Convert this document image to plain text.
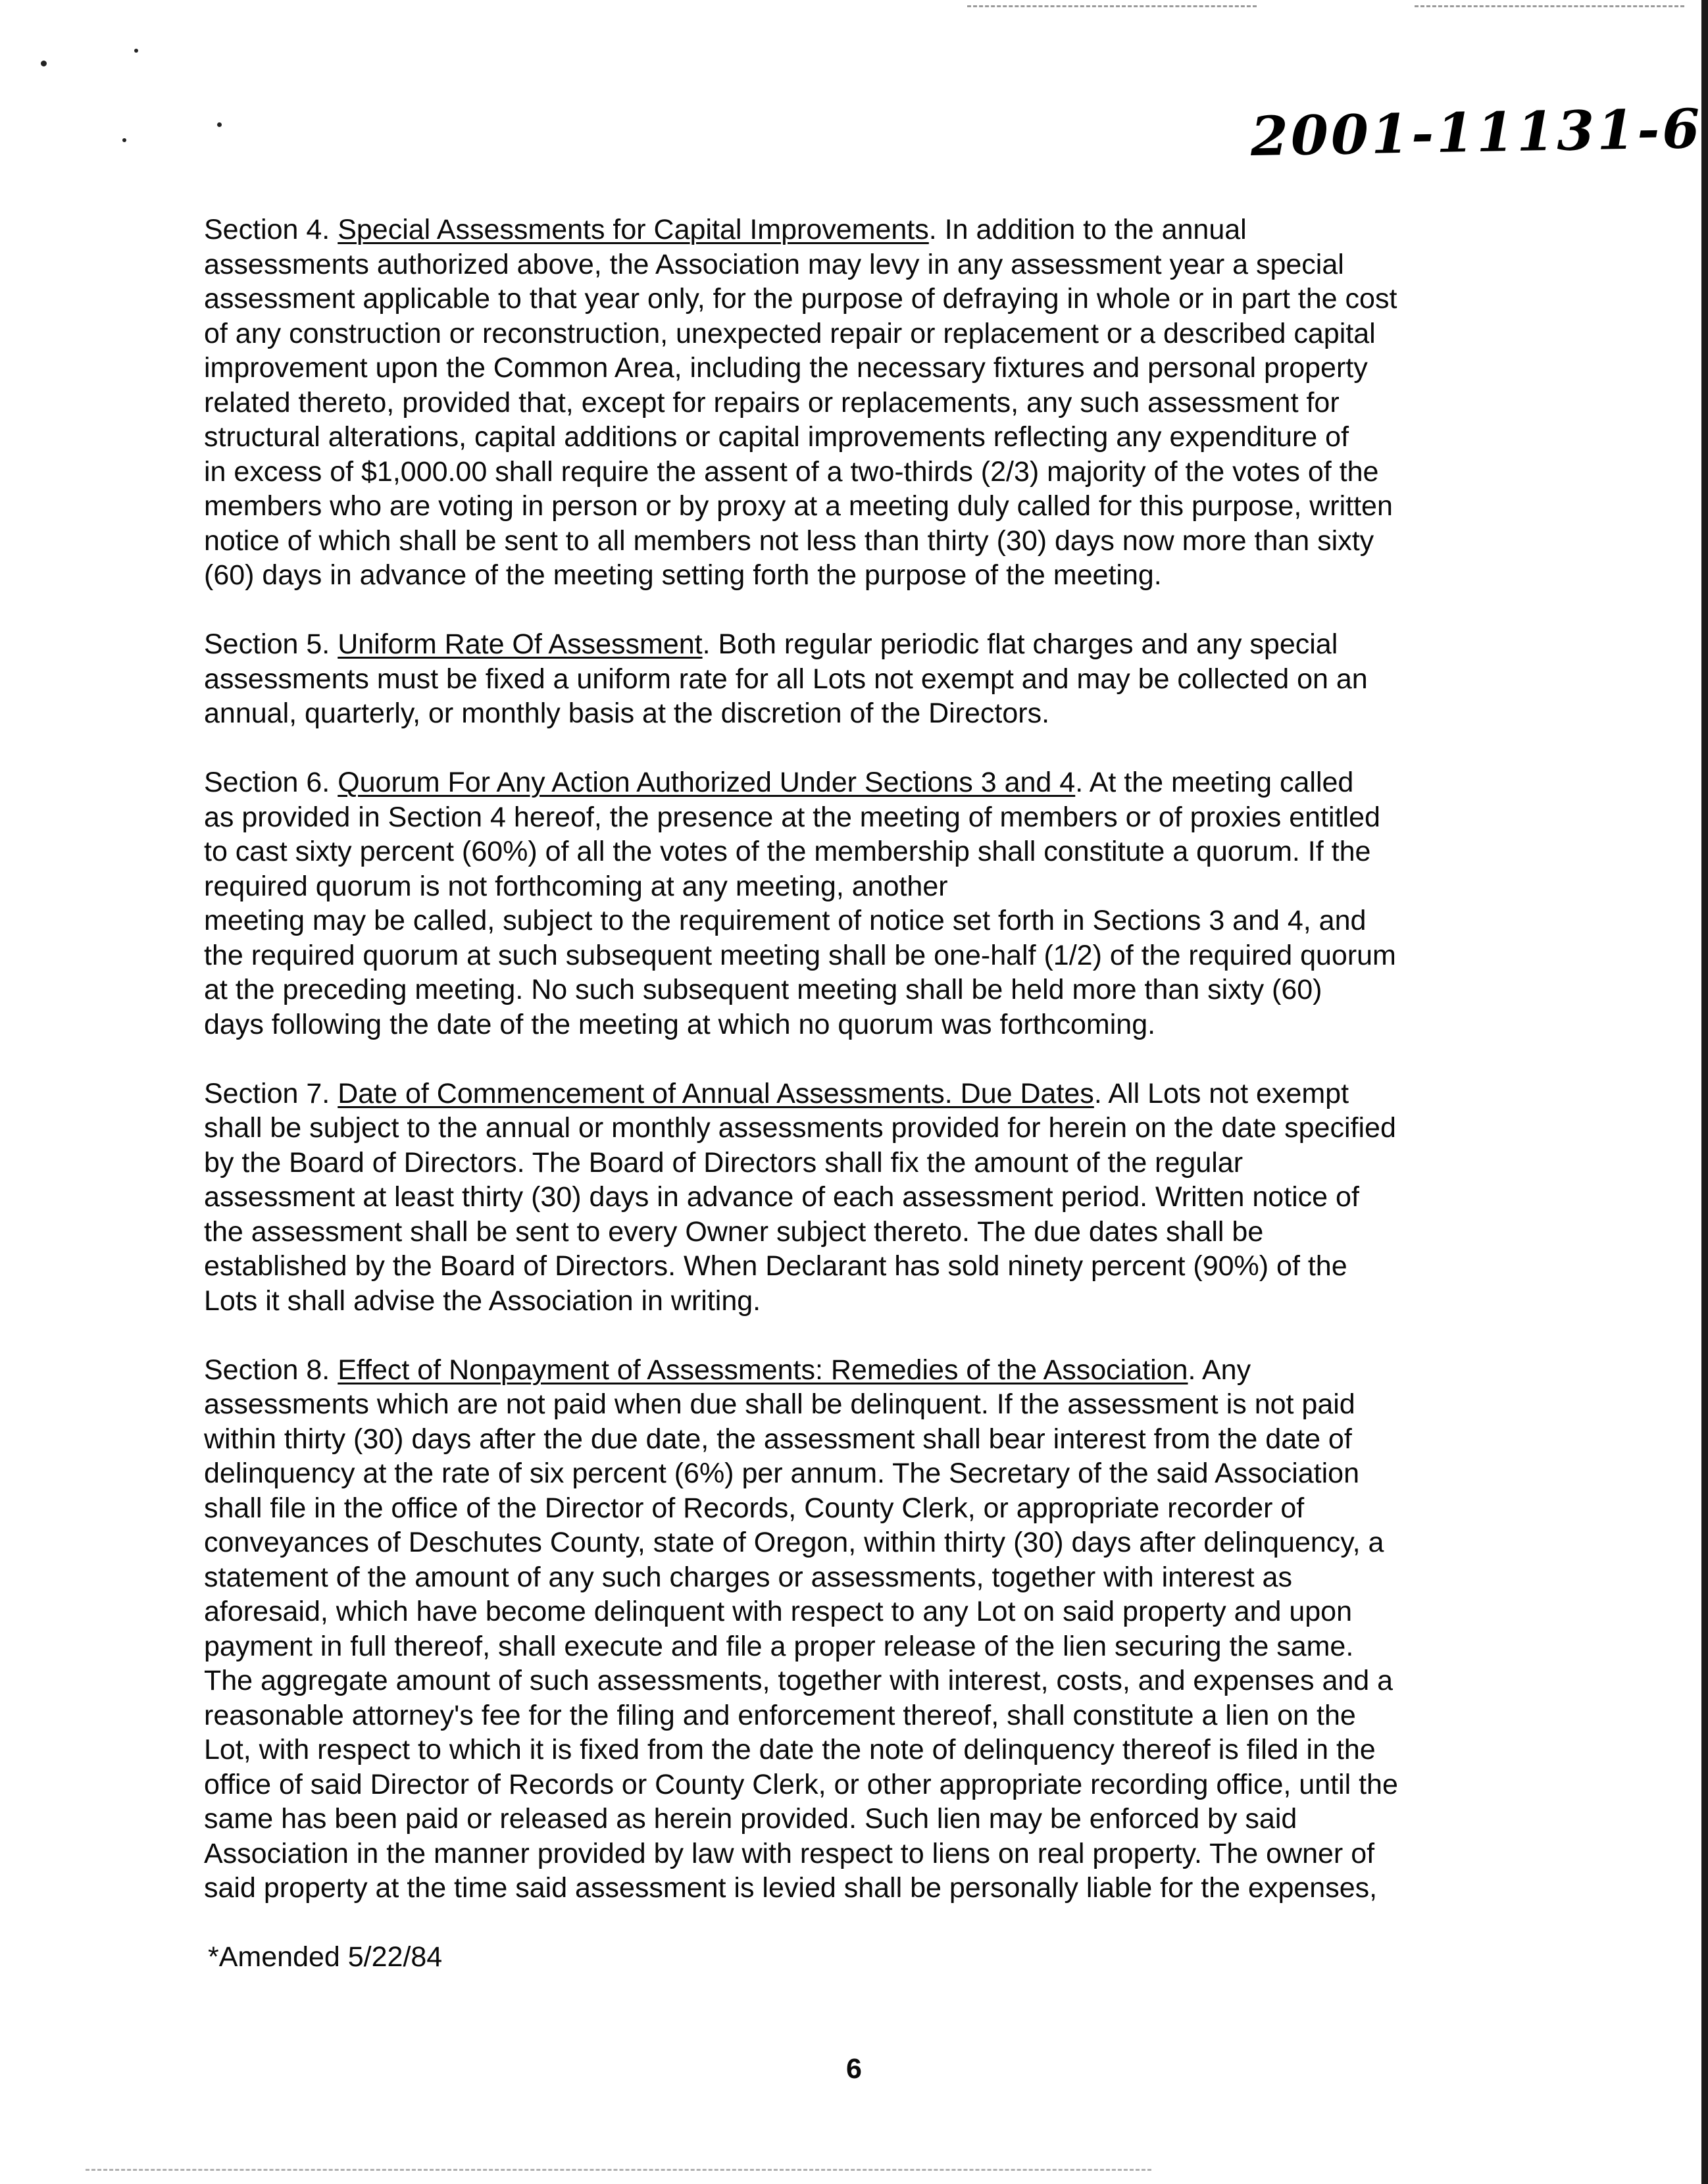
2001-11131-6

Section 4. Special Assessments for Capital Improvements. In addition to the annual
assessments authorized above, the Association may levy in any assessment year a special
assessment applicable to that year only, for the purpose of defraying in whole or in part the cost
of any construction or reconstruction, unexpected repair or replacement or a described capital
improvement upon the Common Area, including the necessary fixtures and personal property
related thereto, provided that, except for repairs or replacements, any such assessment for
structural alterations, capital additions or capital improvements reflecting any expenditure of
in excess of $1,000.00 shall require the assent of a two-thirds (2/3) majority of the votes of the
members who are voting in person or by proxy at a meeting duly called for this purpose, written
notice of which shall be sent to all members not less than thirty (30) days now more than sixty
(60) days in advance of the meeting setting forth the purpose of the meeting.

Section 5. Uniform Rate Of Assessment. Both regular periodic flat charges and any special
assessments must be fixed a uniform rate for all Lots not exempt and may be collected on an
annual, quarterly, or monthly basis at the discretion of the Directors.

Section 6. Quorum For Any Action Authorized Under Sections 3 and 4. At the meeting called
as provided in Section 4 hereof, the presence at the meeting of members or of proxies entitled
to cast sixty percent (60%) of all the votes of the membership shall constitute a quorum. If the
required quorum is not forthcoming at any meeting, another
meeting may be called, subject to the requirement of notice set forth in Sections 3 and 4, and
the required quorum at such subsequent meeting shall be one-half (1/2) of the required quorum
at the preceding meeting. No such subsequent meeting shall be held more than sixty (60)
days following the date of the meeting at which no quorum was forthcoming.

Section 7. Date of Commencement of Annual Assessments. Due Dates. All Lots not exempt
shall be subject to the annual or monthly assessments provided for herein on the date specified
by the Board of Directors. The Board of Directors shall fix the amount of the regular
assessment at least thirty (30) days in advance of each assessment period. Written notice of
the assessment shall be sent to every Owner subject thereto. The due dates shall be
established by the Board of Directors. When Declarant has sold ninety percent (90%) of the
Lots it shall advise the Association in writing.

Section 8. Effect of Nonpayment of Assessments: Remedies of the Association. Any
assessments which are not paid when due shall be delinquent. If the assessment is not paid
within thirty (30) days after the due date, the assessment shall bear interest from the date of
delinquency at the rate of six percent (6%) per annum. The Secretary of the said Association
shall file in the office of the Director of Records, County Clerk, or appropriate recorder of
conveyances of Deschutes County, state of Oregon, within thirty (30) days after delinquency, a
statement of the amount of any such charges or assessments, together with interest as
aforesaid, which have become delinquent with respect to any Lot on said property and upon
payment in full thereof, shall execute and file a proper release of the lien securing the same.
The aggregate amount of such assessments, together with interest, costs, and expenses and a
reasonable attorney's fee for the filing and enforcement thereof, shall constitute a lien on the
Lot, with respect to which it is fixed from the date the note of delinquency thereof is filed in the
office of said Director of Records or County Clerk, or other appropriate recording office, until the
same has been paid or released as herein provided. Such lien may be enforced by said
Association in the manner provided by law with respect to liens on real property. The owner of
said property at the time said assessment is levied shall be personally liable for the expenses,

*Amended 5/22/84
6
